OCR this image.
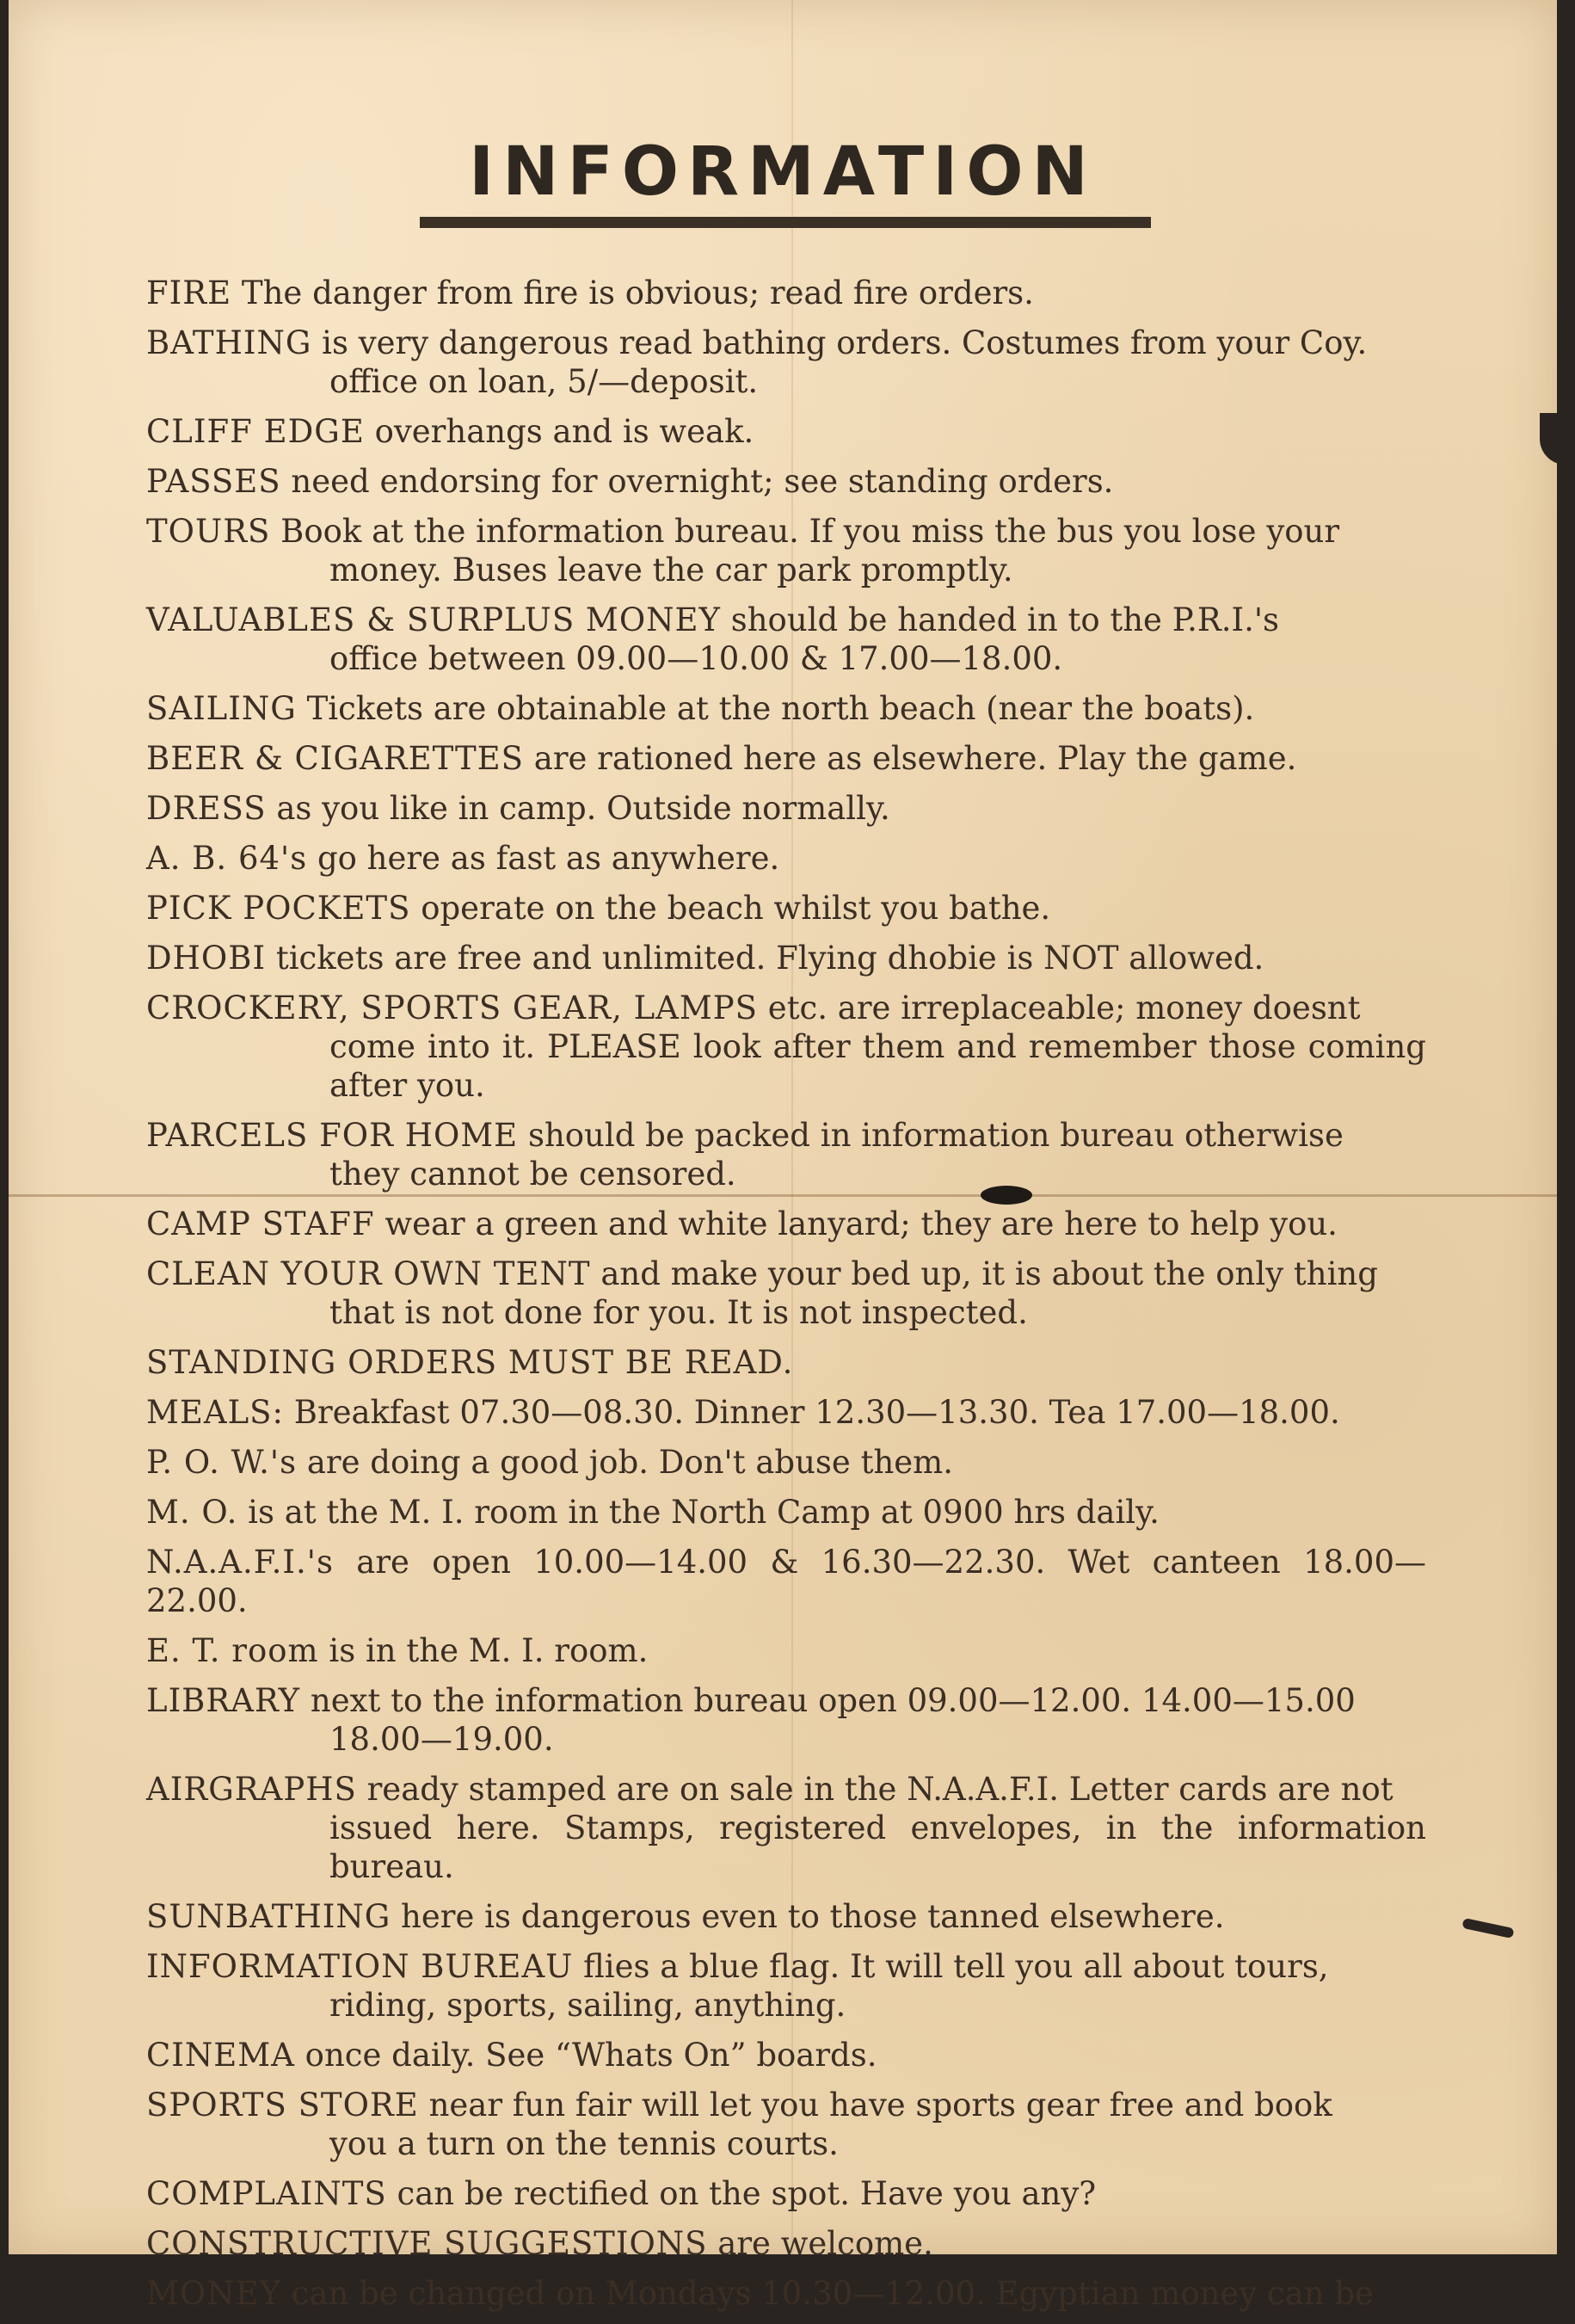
INFORMATION
FIRE The danger from fire is obvious; read fire orders.
BATHING is very dangerous read bathing orders. Costumes from your Coy.
office on loan, 5/—deposit.
CLIFF EDGE overhangs and is weak.
PASSES need endorsing for overnight; see standing orders.
TOURS Book at the information bureau. If you miss the bus you lose your
money. Buses leave the car park promptly.
VALUABLES & SURPLUS MONEY should be handed in to the P.R.I.'s
office between 09.00—10.00 & 17.00—18.00.
SAILING Tickets are obtainable at the north beach (near the boats).
BEER & CIGARETTES are rationed here as elsewhere. Play the game.
DRESS as you like in camp. Outside normally.
A. B. 64's go here as fast as anywhere.
PICK POCKETS operate on the beach whilst you bathe.
DHOBI tickets are free and unlimited. Flying dhobie is NOT allowed.
CROCKERY, SPORTS GEAR, LAMPS etc. are irreplaceable; money doesnt
come into it. PLEASE look after them and remember those coming after you.
PARCELS FOR HOME should be packed in information bureau otherwise
they cannot be censored.
CAMP STAFF wear a green and white lanyard; they are here to help you.
CLEAN YOUR OWN TENT and make your bed up, it is about the only thing
that is not done for you. It is not inspected.
STANDING ORDERS MUST BE READ.
MEALS: Breakfast 07.30—08.30. Dinner 12.30—13.30. Tea 17.00—18.00.
P. O. W.'s are doing a good job. Don't abuse them.
M. O. is at the M. I. room in the North Camp at 0900 hrs daily.
N.A.A.F.I.'s are open 10.00—14.00 & 16.30—22.30. Wet canteen 18.00—22.00.
E. T. room is in the M. I. room.
LIBRARY next to the information bureau open 09.00—12.00. 14.00—15.00
18.00—19.00.
AIRGRAPHS ready stamped are on sale in the N.A.A.F.I. Letter cards are not
issued here. Stamps, registered envelopes, in the information bureau.
SUNBATHING here is dangerous even to those tanned elsewhere.
INFORMATION BUREAU flies a blue flag. It will tell you all about tours,
riding, sports, sailing, anything.
CINEMA once daily. See “Whats On” boards.
SPORTS STORE near fun fair will let you have sports gear free and book
you a turn on the tennis courts.
COMPLAINTS can be rectified on the spot. Have you any?
CONSTRUCTIVE SUGGESTIONS are welcome.
MONEY can be changed on Mondays 10.30—12.00. Egyptian money can be
